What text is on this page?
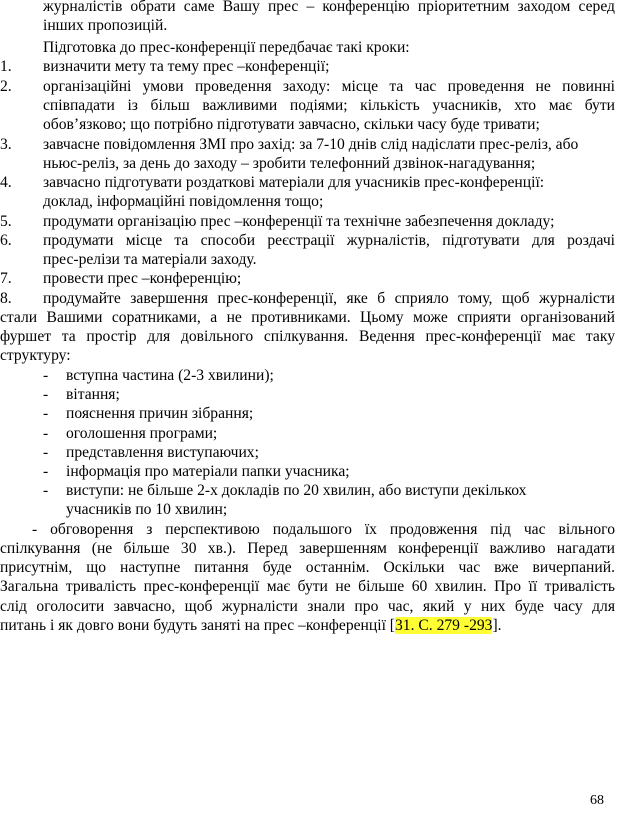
журналістів обрати саме Вашу прес – конференцію пріоритетним заходом серед
інших пропозицій.
Підготовка до прес-конференції передбачає такі кроки:
1.	визначити мету та тему прес –конференції;
2.	організаційні умови проведення заходу: місце та час проведення не повинні
співпадати із більш важливими подіями; кількість учасників, хто має бути
обов’язково; що потрібно підготувати завчасно, скільки часу буде тривати;
3.	завчасне повідомлення ЗМІ про захід: за 7-10 днів слід надіслати прес-реліз, або
ньюс-реліз, за день до заходу – зробити телефонний дзвінок-нагадування;
4.	завчасно підготувати роздаткові матеріали для учасників прес-конференції:
доклад, інформаційні повідомлення тощо;
5.	продумати організацію прес –конференції та технічне забезпечення докладу;
6.	продумати місце та способи реєстрації журналістів, підготувати для роздачі
прес-релізи та матеріали заходу.
7.	провести прес –конференцію;
8.	продумайте завершення прес-конференції, яке б сприяло тому, щоб журналісти
стали Вашими соратниками, а не противниками. Цьому може сприяти організований
фуршет та простір для довільного спілкування. Ведення прес-конференції має таку
структуру:
-	вступна частина (2-3 хвилини);
-	вітання;
-	пояснення причин зібрання;
-	оголошення програми;
-	представлення виступаючих;
-	інформація про матеріали папки учасника;
-	виступи: не більше 2-х докладів по 20 хвилин, або виступи декількох
учасників по 10 хвилин;
- обговорення з перспективою подальшого їх продовження під час вільного
спілкування (не більше 30 хв.). Перед завершенням конференції важливо нагадати
присутнім, що наступне питання буде останнім. Оскільки час вже вичерпаний.
Загальна тривалість прес-конференції має бути не більше 60 хвилин. Про її тривалість
слід оголосити завчасно, щоб журналісти знали про час, який у них буде часу для
питань і як довго вони будуть заняті на прес –конференції [31. С. 279 -293].
68
